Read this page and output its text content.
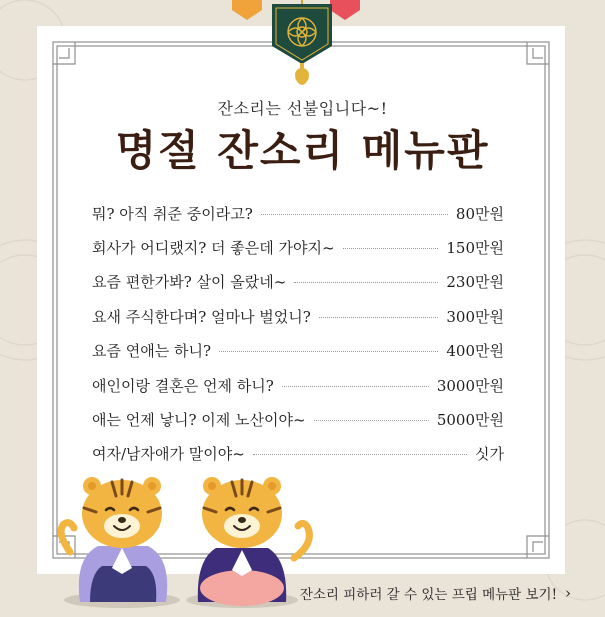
잔소리는 선불입니다~!
명절 잔소리 메뉴판
뭐? 아직 취준 중이라고?	80만원
회사가 어디랬지? 더 좋은데 가야지~	150만원
요즘 편한가봐? 살이 올랐네~	230만원
요새 주식한다며? 얼마나 벌었니?	300만원
요즘 연애는 하니?	400만원
애인이랑 결혼은 언제 하니?	3000만원
애는 언제 낳니? 이제 노산이야~	5000만원
여자/남자애가 말이야~	싯가
잔소리 피하러 갈 수 있는 프립 메뉴판 보기! ›
